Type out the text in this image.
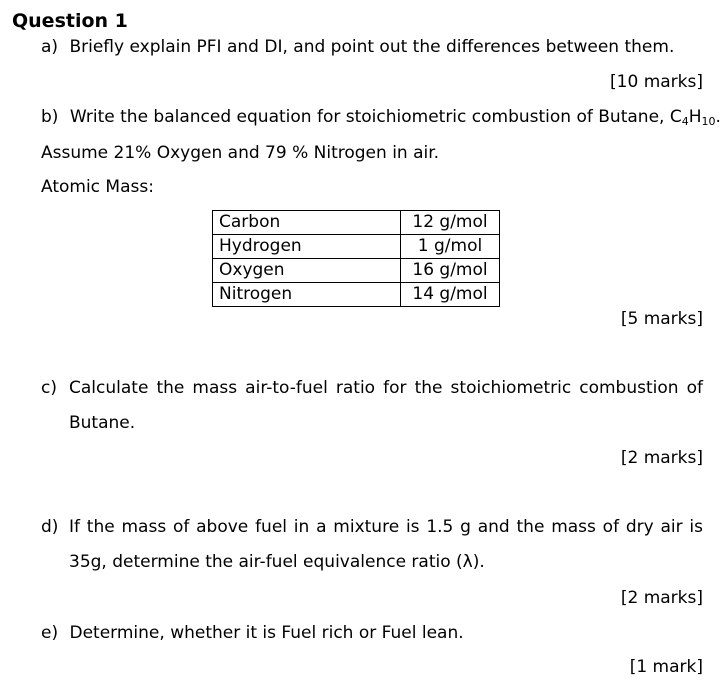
Question 1
a) Briefly explain PFI and DI, and point out the differences between them.
[10 marks]
b) Write the balanced equation for stoichiometric combustion of Butane, $C_4H_{10}$.
Assume 21% Oxygen and 79 % Nitrogen in air.
Atomic Mass:
Carbon	12 g/mol
Hydrogen	1 g/mol
Oxygen	16 g/mol
Nitrogen	14 g/mol
[5 marks]
c) Calculate the mass air-to-fuel ratio for the stoichiometric combustion of
Butane.
[2 marks]
d) If the mass of above fuel in a mixture is 1.5 g and the mass of dry air is
35g, determine the air-fuel equivalence ratio (λ).
[2 marks]
e) Determine, whether it is Fuel rich or Fuel lean.
[1 mark]
